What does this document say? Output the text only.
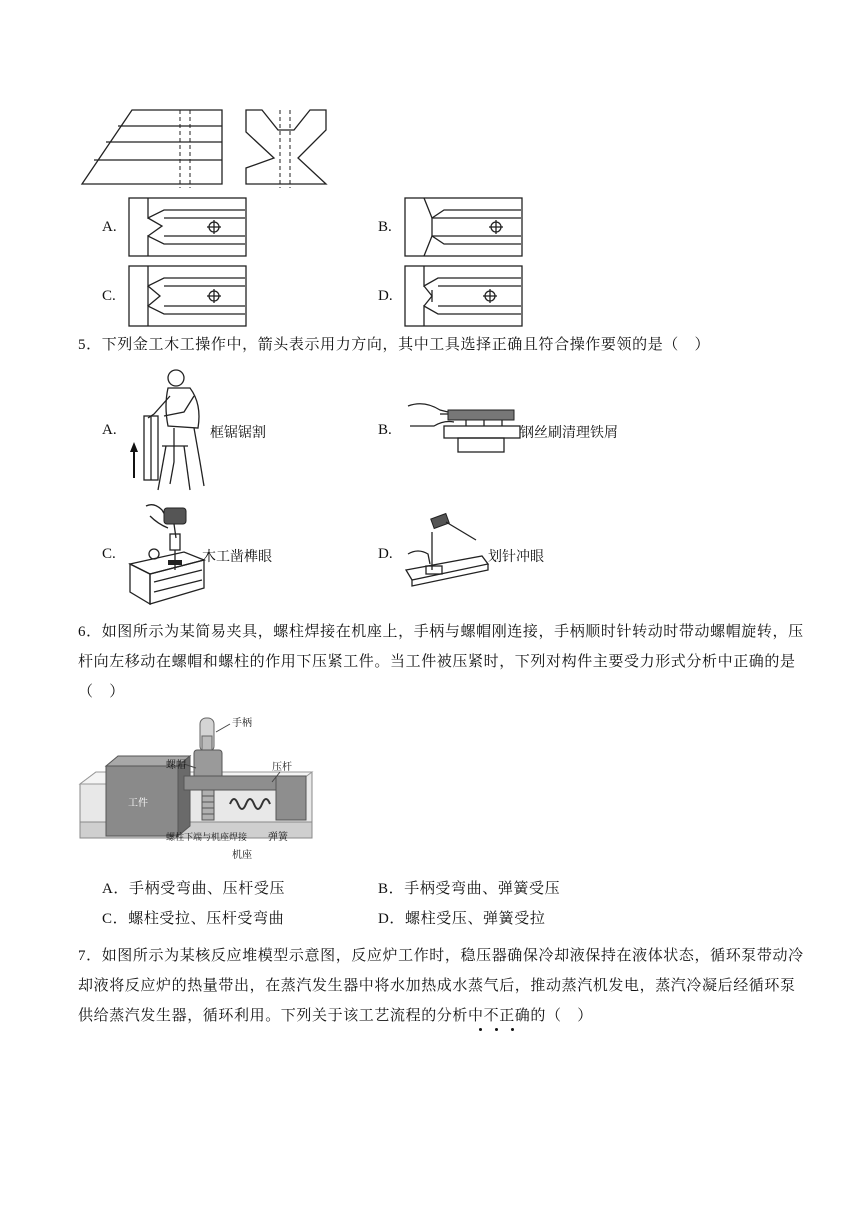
A.	B.
C.	D.
5．下列金工木工操作中，箭头表示用力方向，其中工具选择正确且符合操作要领的是（　）
A.	框锯锯割	B.	钢丝刷清理铁屑
C.	木工凿榫眼	D.	划针冲眼
6．如图所示为某简易夹具，螺柱焊接在机座上，手柄与螺帽刚连接，手柄顺时针转动时带动螺帽旋转，压
杆向左移动在螺帽和螺柱的作用下压紧工件。当工件被压紧时，下列对构件主要受力形式分析中正确的是
（　）
手柄
螺帽	压杆
工件
螺柱下端与机座焊接 弹簧
机座
A．手柄受弯曲、压杆受压	B．手柄受弯曲、弹簧受压
C．螺柱受拉、压杆受弯曲	D．螺柱受压、弹簧受拉
7．如图所示为某核反应堆模型示意图，反应炉工作时，稳压器确保冷却液保持在液体状态，循环泵带动冷
却液将反应炉的热量带出，在蒸汽发生器中将水加热成水蒸气后，推动蒸汽机发电，蒸汽冷凝后经循环泵
供给蒸汽发生器，循环利用。下列关于该工艺流程的分析中不正确的（　）
